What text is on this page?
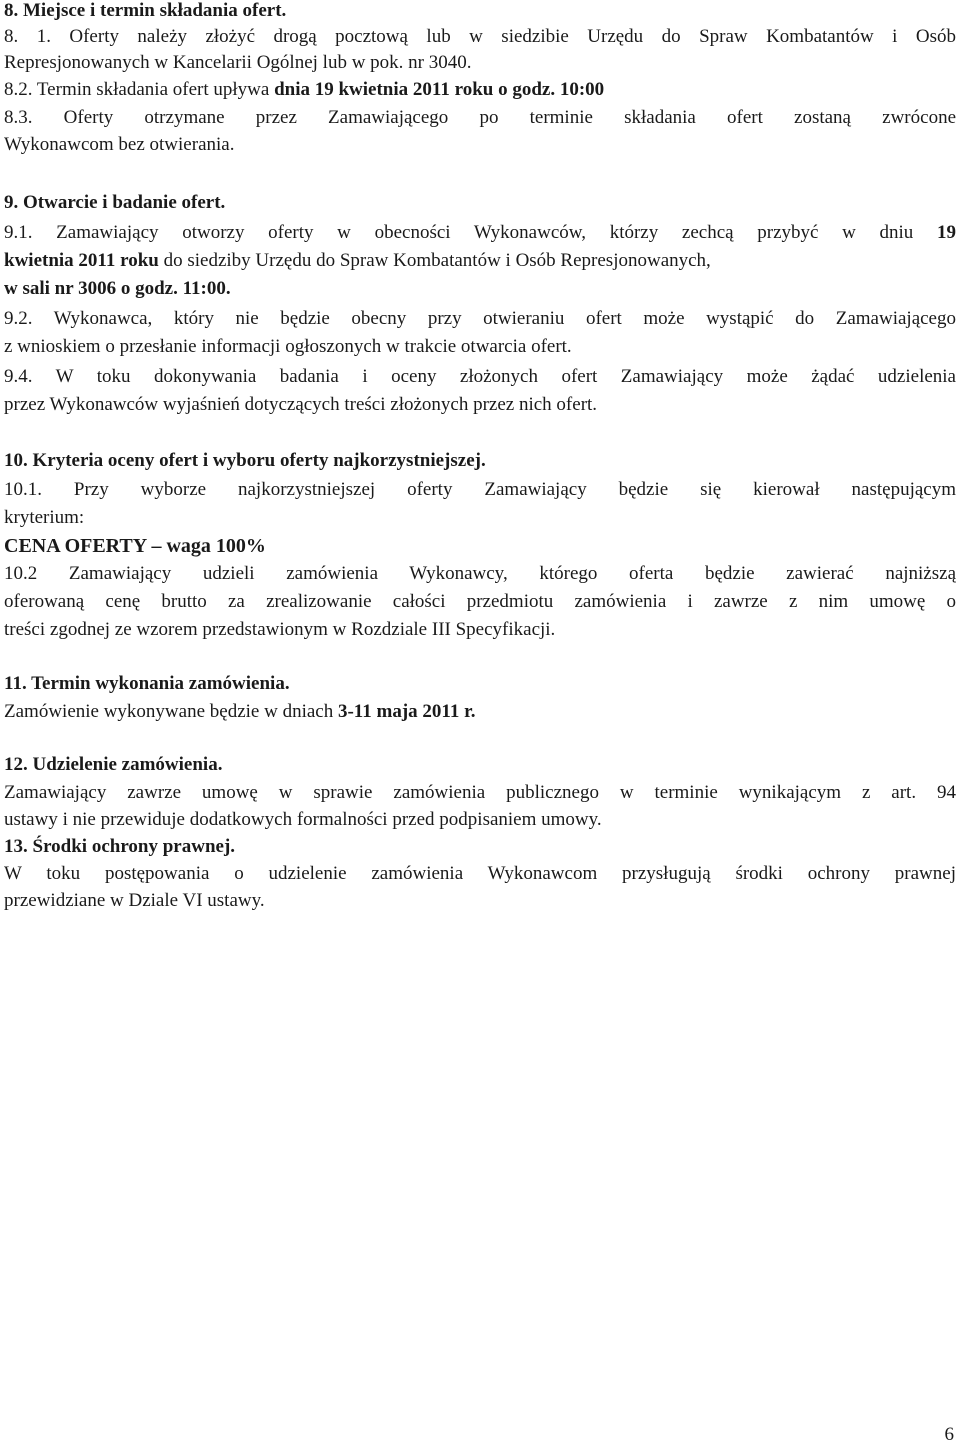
8. Miejsce i termin składania ofert.
8. 1. Oferty należy złożyć drogą pocztową lub w siedzibie Urzędu do Spraw Kombatantów i Osób
Represjonowanych w Kancelarii Ogólnej lub w pok. nr 3040.
8.2. Termin składania ofert upływa dnia 19 kwietnia 2011 roku o godz. 10:00
8.3. Oferty otrzymane przez Zamawiającego po terminie składania ofert zostaną zwrócone
Wykonawcom bez otwierania.
9. Otwarcie i badanie ofert.
9.1. Zamawiający otworzy oferty w obecności Wykonawców, którzy zechcą przybyć w dniu 19
kwietnia 2011 roku do siedziby Urzędu do Spraw Kombatantów i Osób Represjonowanych,
w sali nr 3006 o godz. 11:00.
9.2. Wykonawca, który nie będzie obecny przy otwieraniu ofert może wystąpić do Zamawiającego
z wnioskiem o przesłanie informacji ogłoszonych w trakcie otwarcia ofert.
9.4. W toku dokonywania badania i oceny złożonych ofert Zamawiający może żądać udzielenia
przez Wykonawców wyjaśnień dotyczących treści złożonych przez nich ofert.
10. Kryteria oceny ofert i wyboru oferty najkorzystniejszej.
10.1. Przy wyborze najkorzystniejszej oferty Zamawiający będzie się kierował następującym
kryterium:
CENA OFERTY – waga 100%
10.2 Zamawiający udzieli zamówienia Wykonawcy, którego oferta będzie zawierać najniższą
oferowaną cenę brutto za zrealizowanie całości przedmiotu zamówienia i zawrze z nim umowę o
treści zgodnej ze wzorem przedstawionym w Rozdziale III Specyfikacji.
11. Termin wykonania zamówienia.
Zamówienie wykonywane będzie w dniach 3-11 maja 2011 r.
12. Udzielenie zamówienia.
Zamawiający zawrze umowę w sprawie zamówienia publicznego w terminie wynikającym z art. 94
ustawy i nie przewiduje dodatkowych formalności przed podpisaniem umowy.
13. Środki ochrony prawnej.
W toku postępowania o udzielenie zamówienia Wykonawcom przysługują środki ochrony prawnej
przewidziane w Dziale VI ustawy.
6
